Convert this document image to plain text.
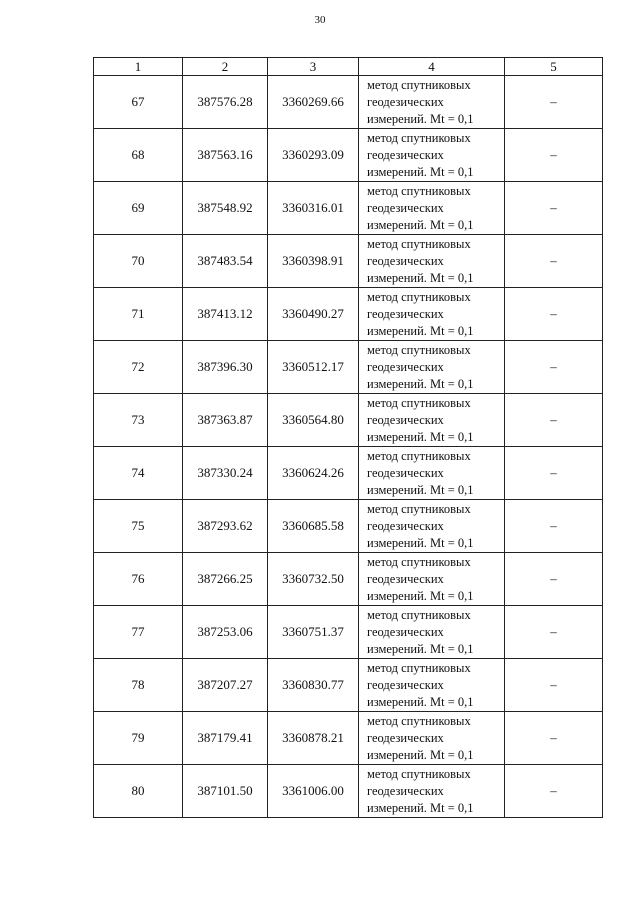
30
1	2	3	4	5
67	387576.28	3360269.66	метод спутниковых геодезических измерений. Mt = 0,1	–
68	387563.16	3360293.09	метод спутниковых геодезических измерений. Mt = 0,1	–
69	387548.92	3360316.01	метод спутниковых геодезических измерений. Mt = 0,1	–
70	387483.54	3360398.91	метод спутниковых геодезических измерений. Mt = 0,1	–
71	387413.12	3360490.27	метод спутниковых геодезических измерений. Mt = 0,1	–
72	387396.30	3360512.17	метод спутниковых геодезических измерений. Mt = 0,1	–
73	387363.87	3360564.80	метод спутниковых геодезических измерений. Mt = 0,1	–
74	387330.24	3360624.26	метод спутниковых геодезических измерений. Mt = 0,1	–
75	387293.62	3360685.58	метод спутниковых геодезических измерений. Mt = 0,1	–
76	387266.25	3360732.50	метод спутниковых геодезических измерений. Mt = 0,1	–
77	387253.06	3360751.37	метод спутниковых геодезических измерений. Mt = 0,1	–
78	387207.27	3360830.77	метод спутниковых геодезических измерений. Mt = 0,1	–
79	387179.41	3360878.21	метод спутниковых геодезических измерений. Mt = 0,1	–
80	387101.50	3361006.00	метод спутниковых геодезических измерений. Mt = 0,1	–
